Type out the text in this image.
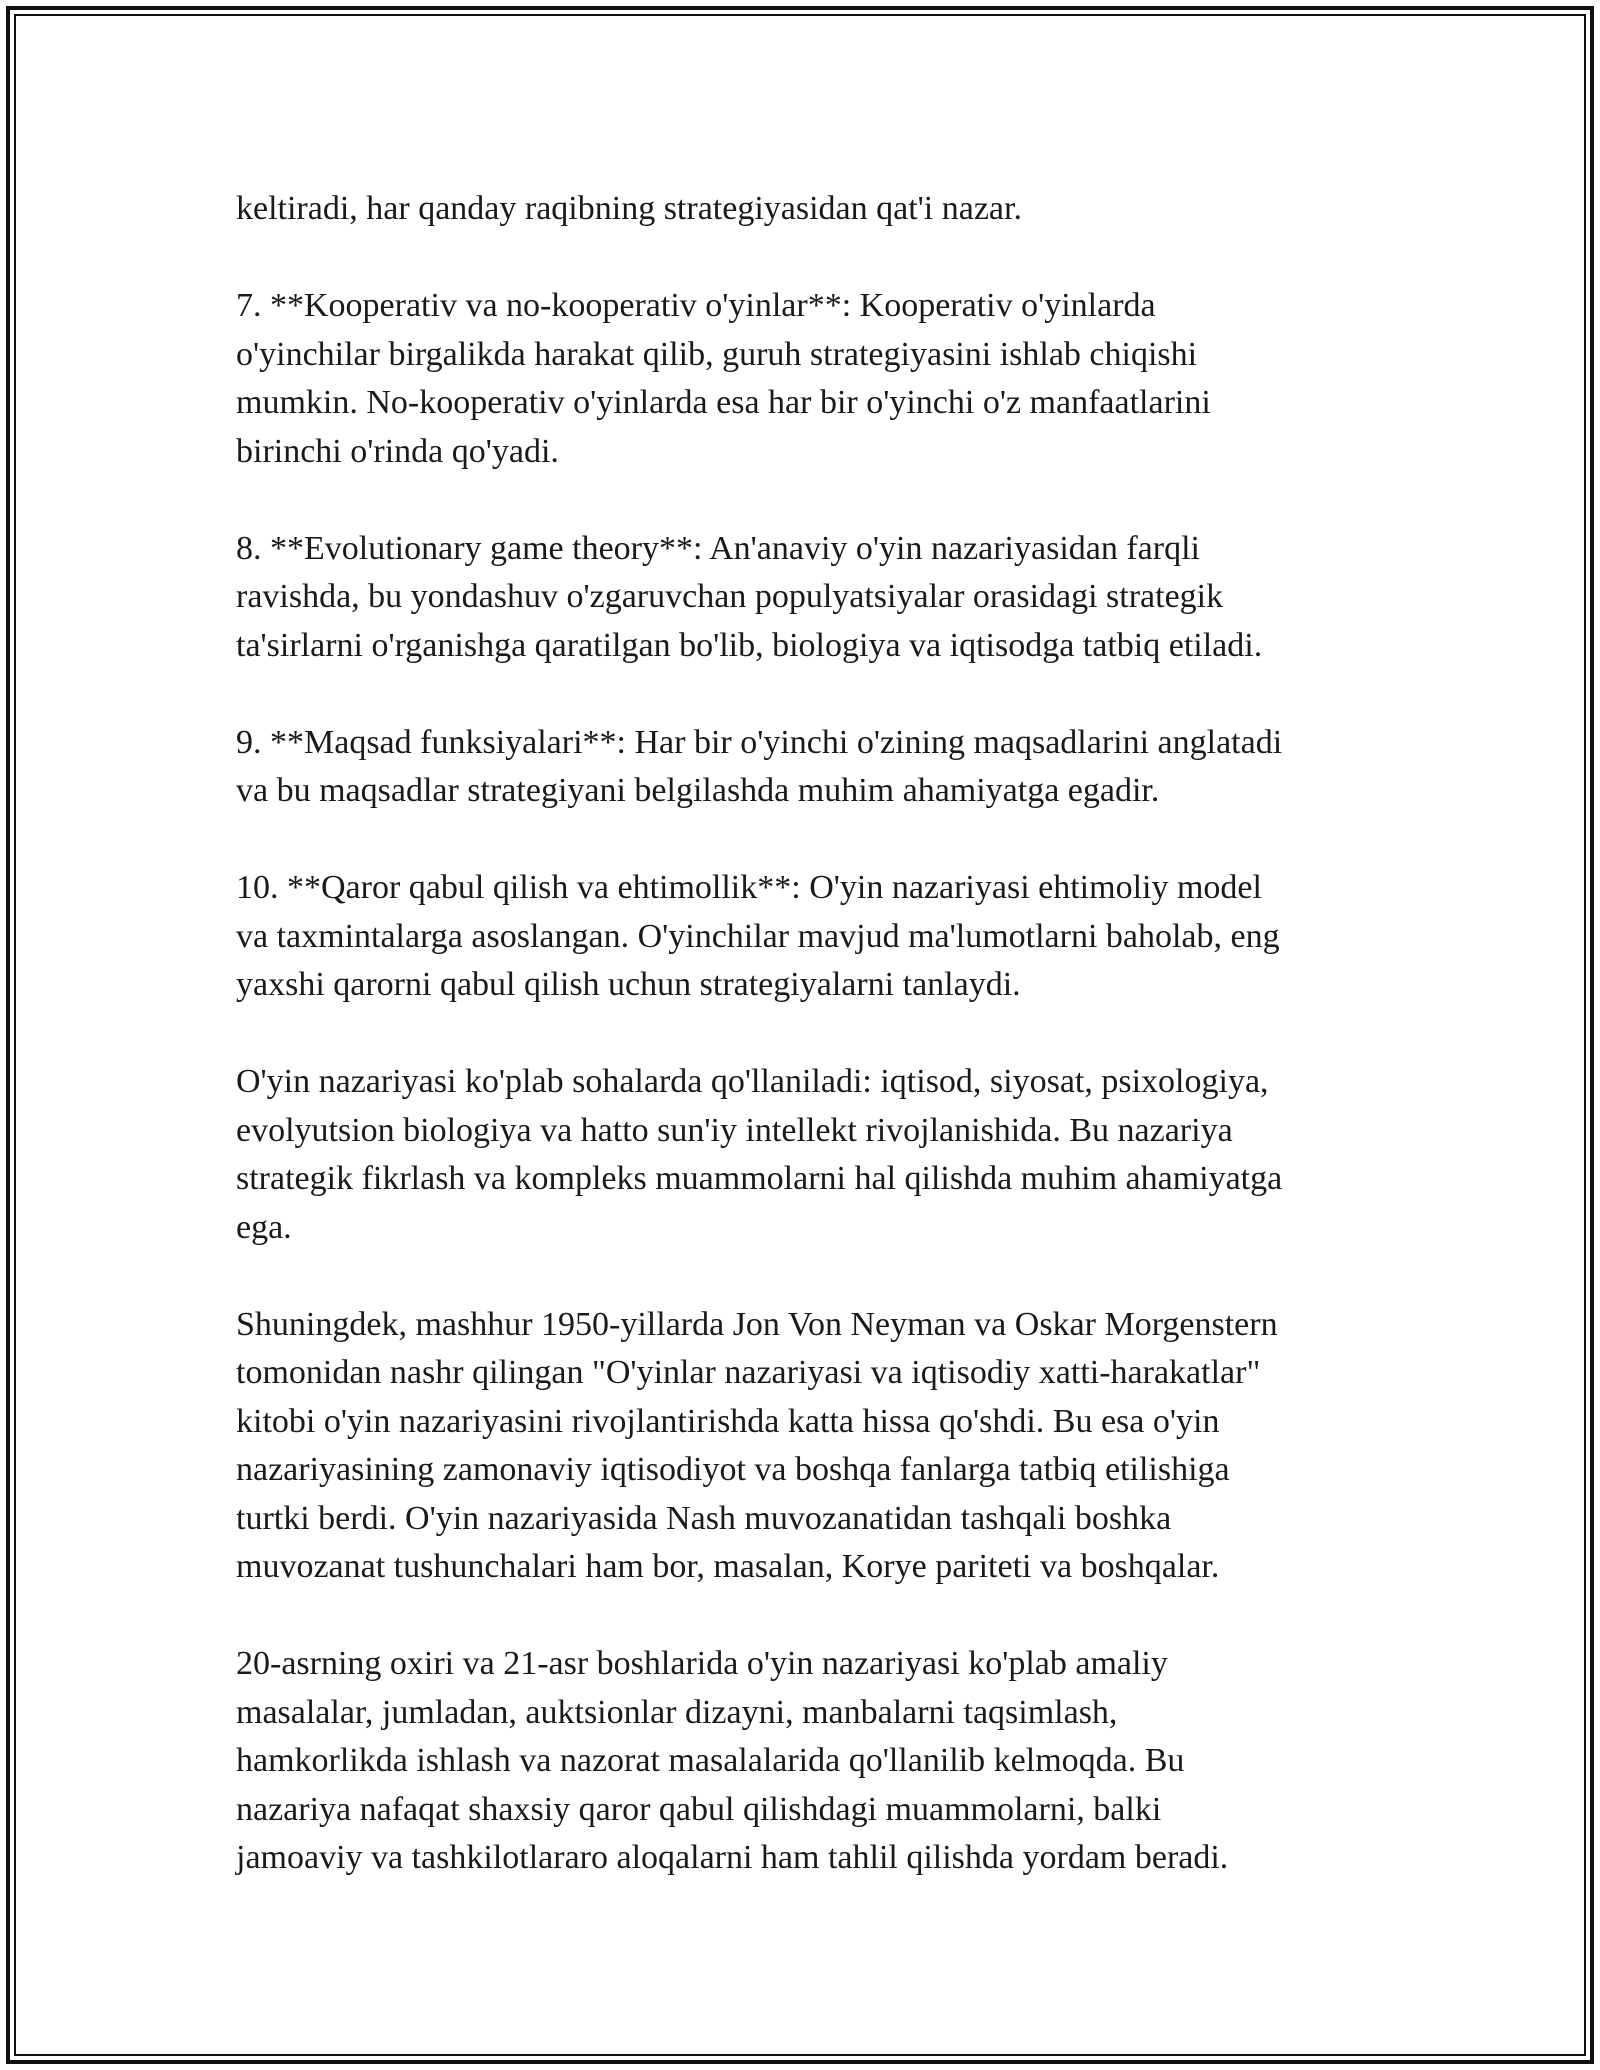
keltiradi, har qanday raqibning strategiyasidan qat'i nazar.

7. **Kooperativ va no-kooperativ o'yinlar**: Kooperativ o'yinlarda
o'yinchilar birgalikda harakat qilib, guruh strategiyasini ishlab chiqishi
mumkin. No-kooperativ o'yinlarda esa har bir o'yinchi o'z manfaatlarini
birinchi o'rinda qo'yadi.

8. **Evolutionary game theory**: An'anaviy o'yin nazariyasidan farqli
ravishda, bu yondashuv o'zgaruvchan populyatsiyalar orasidagi strategik
ta'sirlarni o'rganishga qaratilgan bo'lib, biologiya va iqtisodga tatbiq etiladi.

9. **Maqsad funksiyalari**: Har bir o'yinchi o'zining maqsadlarini anglatadi
va bu maqsadlar strategiyani belgilashda muhim ahamiyatga egadir.

10. **Qaror qabul qilish va ehtimollik**: O'yin nazariyasi ehtimoliy model
va taxmintalarga asoslangan. O'yinchilar mavjud ma'lumotlarni baholab, eng
yaxshi qarorni qabul qilish uchun strategiyalarni tanlaydi.

O'yin nazariyasi ko'plab sohalarda qo'llaniladi: iqtisod, siyosat, psixologiya,
evolyutsion biologiya va hatto sun'iy intellekt rivojlanishida. Bu nazariya
strategik fikrlash va kompleks muammolarni hal qilishda muhim ahamiyatga
ega.

Shuningdek, mashhur 1950-yillarda Jon Von Neyman va Oskar Morgenstern
tomonidan nashr qilingan "O'yinlar nazariyasi va iqtisodiy xatti-harakatlar"
kitobi o'yin nazariyasini rivojlantirishda katta hissa qo'shdi. Bu esa o'yin
nazariyasining zamonaviy iqtisodiyot va boshqa fanlarga tatbiq etilishiga
turtki berdi. O'yin nazariyasida Nash muvozanatidan tashqali boshka
muvozanat tushunchalari ham bor, masalan, Korye pariteti va boshqalar.

20-asrning oxiri va 21-asr boshlarida o'yin nazariyasi ko'plab amaliy
masalalar, jumladan, auktsionlar dizayni, manbalarni taqsimlash,
hamkorlikda ishlash va nazorat masalalarida qo'llanilib kelmoqda. Bu
nazariya nafaqat shaxsiy qaror qabul qilishdagi muammolarni, balki
jamoaviy va tashkilotlararo aloqalarni ham tahlil qilishda yordam beradi.
